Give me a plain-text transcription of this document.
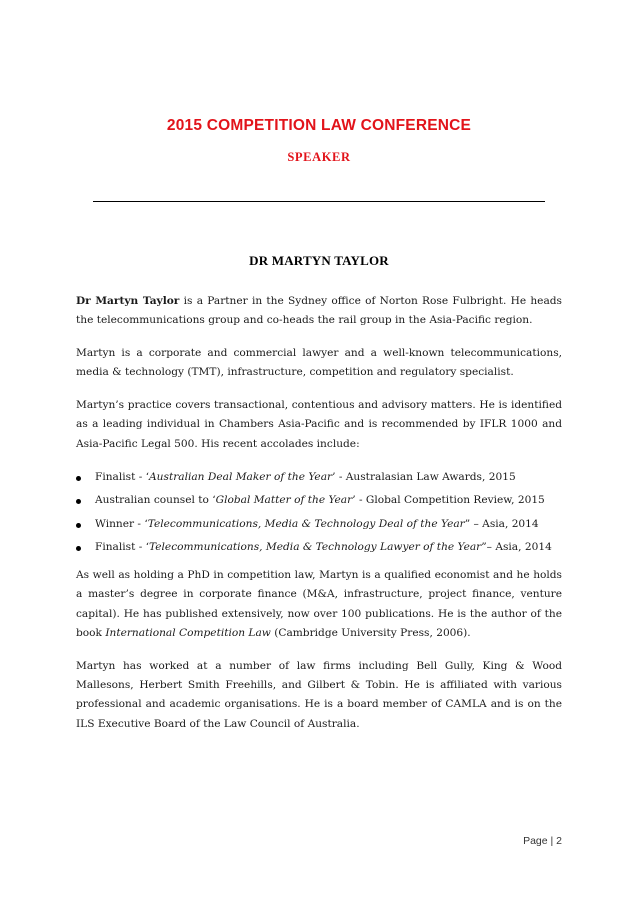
2015 COMPETITION LAW CONFERENCE
SPEAKER
DR MARTYN TAYLOR

Dr Martyn Taylor is a Partner in the Sydney office of Norton Rose Fulbright. He heads the telecommunications group and co-heads the rail group in the Asia-Pacific region.

Martyn is a corporate and commercial lawyer and a well-known telecommunications, media & technology (TMT), infrastructure, competition and regulatory specialist.

Martyn’s practice covers transactional, contentious and advisory matters. He is identified as a leading individual in Chambers Asia-Pacific and is recommended by IFLR 1000 and Asia-Pacific Legal 500. His recent accolades include:

Finalist - ‘Australian Deal Maker of the Year’ - Australasian Law Awards, 2015
Australian counsel to ‘Global Matter of the Year’ - Global Competition Review, 2015
Winner - ‘Telecommunications, Media & Technology Deal of the Year” – Asia, 2014
Finalist - ‘Telecommunications, Media & Technology Lawyer of the Year”– Asia, 2014

As well as holding a PhD in competition law, Martyn is a qualified economist and he holds a master’s degree in corporate finance (M&A, infrastructure, project finance, venture capital). He has published extensively, now over 100 publications. He is the author of the book International Competition Law (Cambridge University Press, 2006).

Martyn has worked at a number of law firms including Bell Gully, King & Wood Mallesons, Herbert Smith Freehills, and Gilbert & Tobin. He is affiliated with various professional and academic organisations. He is a board member of CAMLA and is on the ILS Executive Board of the Law Council of Australia.

Page | 2
